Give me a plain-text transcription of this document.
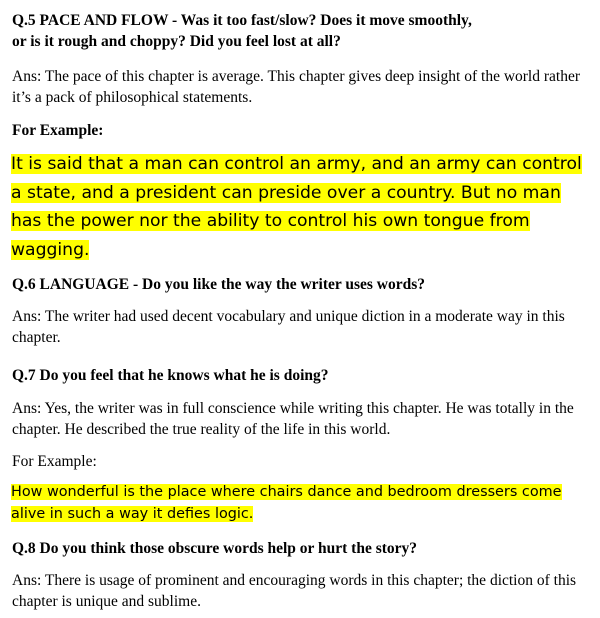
Q.5 PACE AND FLOW - Was it too fast/slow? Does it move smoothly,
or is it rough and choppy? Did you feel lost at all?

Ans: The pace of this chapter is average. This chapter gives deep insight of the world rather it’s a pack of philosophical statements.

For Example:

It is said that a man can control an army, and an army can control a state, and a president can preside over a country. But no man has the power nor the ability to control his own tongue from wagging.

Q.6 LANGUAGE - Do you like the way the writer uses words?

Ans: The writer had used decent vocabulary and unique diction in a moderate way in this chapter.

Q.7 Do you feel that he knows what he is doing?

Ans: Yes, the writer was in full conscience while writing this chapter. He was totally in the chapter. He described the true reality of the life in this world.

For Example:

How wonderful is the place where chairs dance and bedroom dressers come alive in such a way it defies logic.

Q.8 Do you think those obscure words help or hurt the story?

Ans: There is usage of prominent and encouraging words in this chapter; the diction of this chapter is unique and sublime.
